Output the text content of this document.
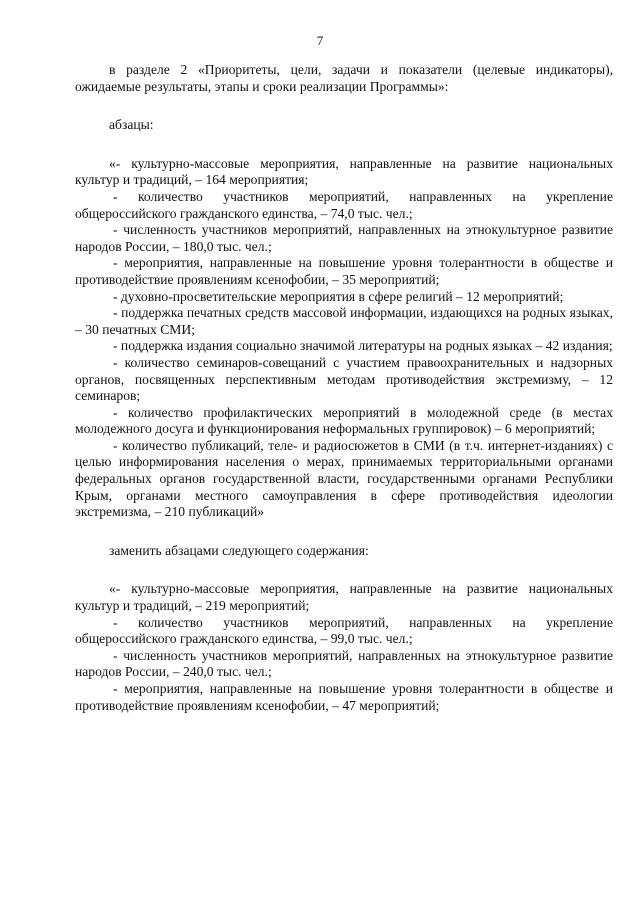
7

в разделе 2 «Приоритеты, цели, задачи и показатели (целевые индикаторы), ожидаемые результаты, этапы и сроки реализации Программы»:

абзацы:

«- культурно-массовые мероприятия, направленные на развитие национальных культур и традиций, – 164 мероприятия;

- количество участников мероприятий, направленных на укрепление общероссийского гражданского единства, – 74,0 тыс. чел.;

- численность участников мероприятий, направленных на этнокультурное развитие народов России, – 180,0 тыс. чел.;

- мероприятия, направленные на повышение уровня толерантности в обществе и противодействие проявлениям ксенофобии, – 35 мероприятий;

- духовно-просветительские мероприятия в сфере религий – 12 мероприятий;

- поддержка печатных средств массовой информации, издающихся на родных языках, – 30 печатных СМИ;

- поддержка издания социально значимой литературы на родных языках – 42 издания;

- количество семинаров-совещаний с участием правоохранительных и надзорных органов, посвященных перспективным методам противодействия экстремизму, – 12 семинаров;

- количество профилактических мероприятий в молодежной среде (в местах молодежного досуга и функционирования неформальных группировок) – 6 мероприятий;

- количество публикаций, теле- и радиосюжетов в СМИ (в т.ч. интернет-изданиях) с целью информирования населения о мерах, принимаемых территориальными органами федеральных органов государственной власти, государственными органами Республики Крым, органами местного самоуправления в сфере противодействия идеологии экстремизма, – 210 публикаций»

заменить абзацами следующего содержания:

«- культурно-массовые мероприятия, направленные на развитие национальных культур и традиций, – 219 мероприятий;

- количество участников мероприятий, направленных на укрепление общероссийского гражданского единства, – 99,0 тыс. чел.;

- численность участников мероприятий, направленных на этнокультурное развитие народов России, – 240,0 тыс. чел.;

- мероприятия, направленные на повышение уровня толерантности в обществе и противодействие проявлениям ксенофобии, – 47 мероприятий;
